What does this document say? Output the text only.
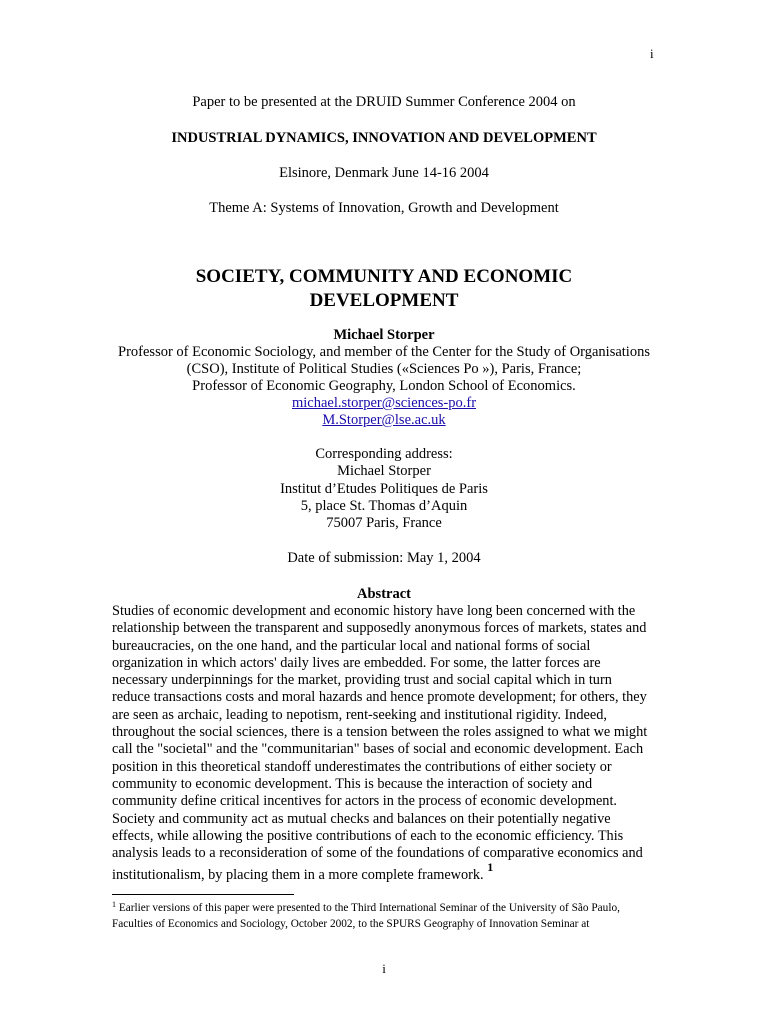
i
Paper to be presented at the DRUID Summer Conference 2004 on
INDUSTRIAL DYNAMICS, INNOVATION AND DEVELOPMENT
Elsinore, Denmark June 14-16 2004
Theme A: Systems of Innovation, Growth and Development
SOCIETY, COMMUNITY AND ECONOMIC
DEVELOPMENT
Michael Storper
Professor of Economic Sociology, and member of the Center for the Study of Organisations
(CSO), Institute of Political Studies («Sciences Po »), Paris, France;
Professor of Economic Geography, London School of Economics.
michael.storper@sciences-po.fr
M.Storper@lse.ac.uk
Corresponding address:
Michael Storper
Institut d’Etudes Politiques de Paris
5, place St. Thomas d’Aquin
75007 Paris, France
Date of submission: May 1, 2004
Abstract
Studies of economic development and economic history have long been concerned with the
relationship between the transparent and supposedly anonymous forces of markets, states and
bureaucracies, on the one hand, and the particular local and national forms of social
organization in which actors' daily lives are embedded. For some, the latter forces are
necessary underpinnings for the market, providing trust and social capital which in turn
reduce transactions costs and moral hazards and hence promote development; for others, they
are seen as archaic, leading to nepotism, rent-seeking and institutional rigidity. Indeed,
throughout the social sciences, there is a tension between the roles assigned to what we might
call the "societal" and the "communitarian" bases of social and economic development. Each
position in this theoretical standoff underestimates the contributions of either society or
community to economic development. This is because the interaction of society and
community define critical incentives for actors in the process of economic development.
Society and community act as mutual checks and balances on their potentially negative
effects, while allowing the positive contributions of each to the economic efficiency. This
analysis leads to a reconsideration of some of the foundations of comparative economics and
institutionalism, by placing them in a more complete framework. $^1$
$^1$ Earlier versions of this paper were presented to the Third International Seminar of the University of São Paulo,
Faculties of Economics and Sociology, October 2002, to the SPURS Geography of Innovation Seminar at
i
